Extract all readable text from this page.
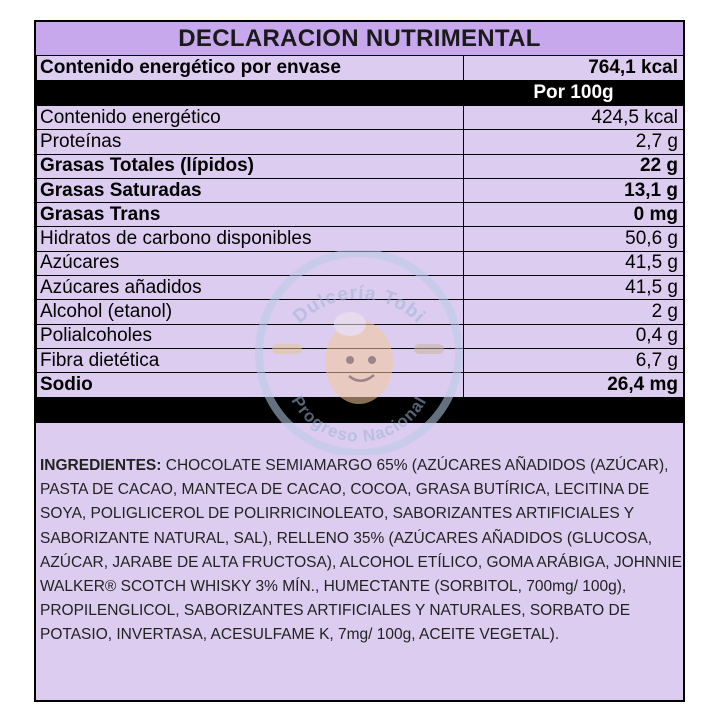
DECLARACION NUTRIMENTAL
Contenido energético por envase	764,1 kcal
	Por 100g
Contenido energético	424,5 kcal
Proteínas	2,7 g
Grasas Totales (lípidos)	22 g
Grasas Saturadas	13,1 g
Grasas Trans	0 mg
Hidratos de carbono disponibles	50,6 g
Azúcares	41,5 g
Azúcares añadidos	41,5 g
Alcohol (etanol)	2 g
Polialcoholes	0,4 g
Fibra dietética	6,7 g
Sodio	26,4 mg

INGREDIENTES: CHOCOLATE SEMIAMARGO 65% (AZÚCARES AÑADIDOS (AZÚCAR), PASTA DE CACAO, MANTECA DE CACAO, COCOA, GRASA BUTÍRICA, LECITINA DE SOYA, POLIGLICEROL DE POLIRRICINOLEATO, SABORIZANTES ARTIFICIALES Y SABORIZANTE NATURAL, SAL), RELLENO 35% (AZÚCARES AÑADIDOS (GLUCOSA, AZÚCAR, JARABE DE ALTA FRUCTOSA), ALCOHOL ETÍLICO, GOMA ARÁBIGA, JOHNNIE WALKER® SCOTCH WHISKY 3% MÍN., HUMECTANTE (SORBITOL, 700mg/ 100g), PROPILENGLICOL, SABORIZANTES ARTIFICIALES Y NATURALES, SORBATO DE POTASIO, INVERTASA, ACESULFAME K, 7mg/ 100g, ACEITE VEGETAL).
Dulcería Tobi
Progreso Nacional
